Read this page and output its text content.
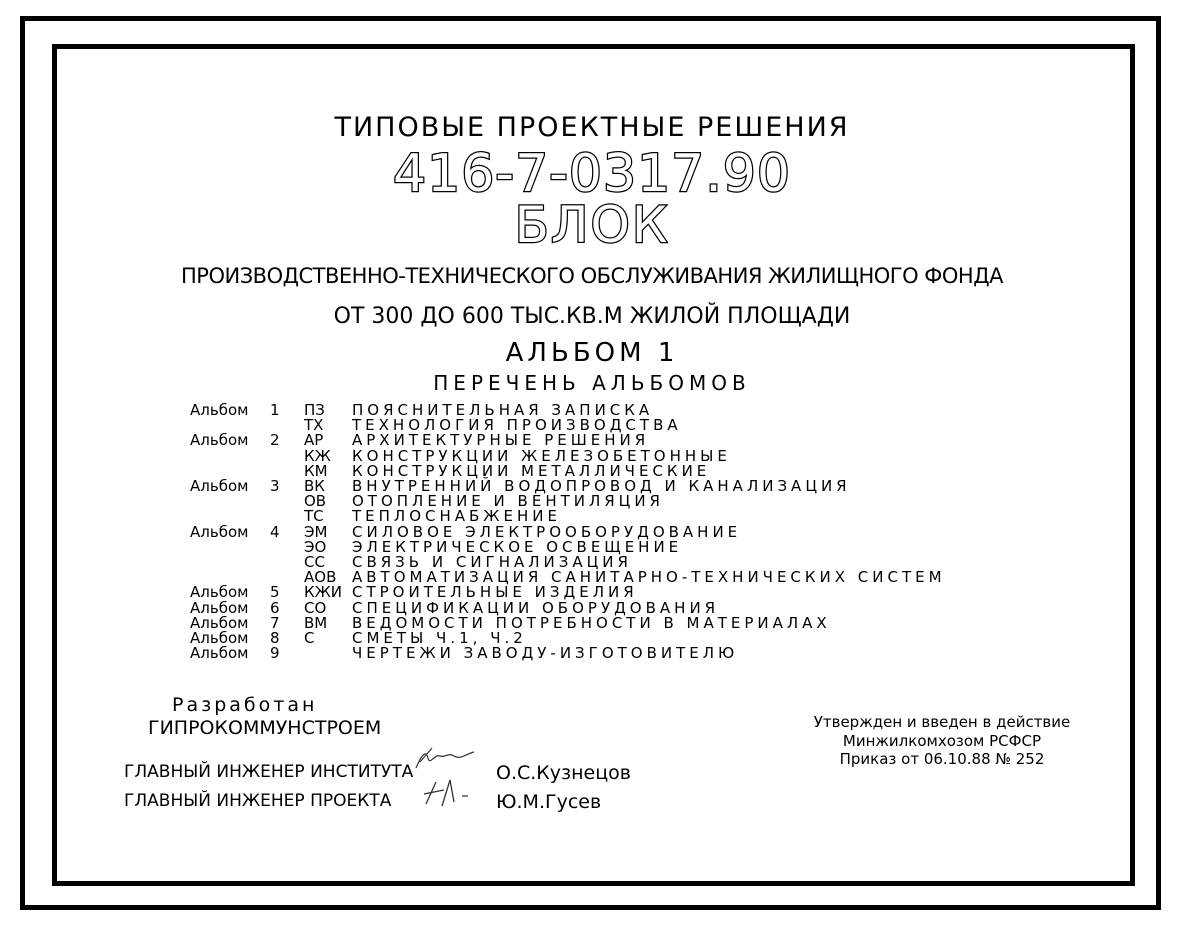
ТИПОВЫЕ ПРОЕКТНЫЕ РЕШЕНИЯ
416-7-0317.90
БЛОК
ПРОИЗВОДСТВЕННО-ТЕХНИЧЕСКОГО ОБСЛУЖИВАНИЯ ЖИЛИЩНОГО ФОНДА
ОТ 300 ДО 600 ТЫС.КВ.М ЖИЛОЙ ПЛОЩАДИ
АЛЬБОМ 1
ПЕРЕЧЕНЬ АЛЬБОМОВ
Альбом 1 ПЗ ПОЯСНИТЕЛЬНАЯ ЗАПИСКА
ТХ ТЕХНОЛОГИЯ ПРОИЗВОДСТВА
Альбом 2 АР АРХИТЕКТУРНЫЕ РЕШЕНИЯ
КЖ КОНСТРУКЦИИ ЖЕЛЕЗОБЕТОННЫЕ
КМ КОНСТРУКЦИИ МЕТАЛЛИЧЕСКИЕ
Альбом 3 ВК ВНУТРЕННИЙ ВОДОПРОВОД И КАНАЛИЗАЦИЯ
ОВ ОТОПЛЕНИЕ И ВЕНТИЛЯЦИЯ
ТС ТЕПЛОСНАБЖЕНИЕ
Альбом 4 ЭМ СИЛОВОЕ ЭЛЕКТРООБОРУДОВАНИЕ
ЭО ЭЛЕКТРИЧЕСКОЕ ОСВЕЩЕНИЕ
СС СВЯЗЬ И СИГНАЛИЗАЦИЯ
АОВ АВТОМАТИЗАЦИЯ САНИТАРНО-ТЕХНИЧЕСКИХ СИСТЕМ
Альбом 5 КЖИ СТРОИТЕЛЬНЫЕ ИЗДЕЛИЯ
Альбом 6 СО СПЕЦИФИКАЦИИ ОБОРУДОВАНИЯ
Альбом 7 ВМ ВЕДОМОСТИ ПОТРЕБНОСТИ В МАТЕРИАЛАХ
Альбом 8 С	СМЕТЫ Ч.1, Ч.2
Альбом 9	ЧЕРТЕЖИ ЗАВОДУ-ИЗГОТОВИТЕЛЮ
Разработан
ГИПРОКОММУНСТРОЕМ
ГЛАВНЫЙ ИНЖЕНЕР ИНСТИТУТА
ГЛАВНЫЙ ИНЖЕНЕР ПРОЕКТА
О.С.Кузнецов
Ю.М.Гусев
Утвержден и введен в действие
Минжилкомхозом РСФСР
Приказ от 06.10.88 № 252
